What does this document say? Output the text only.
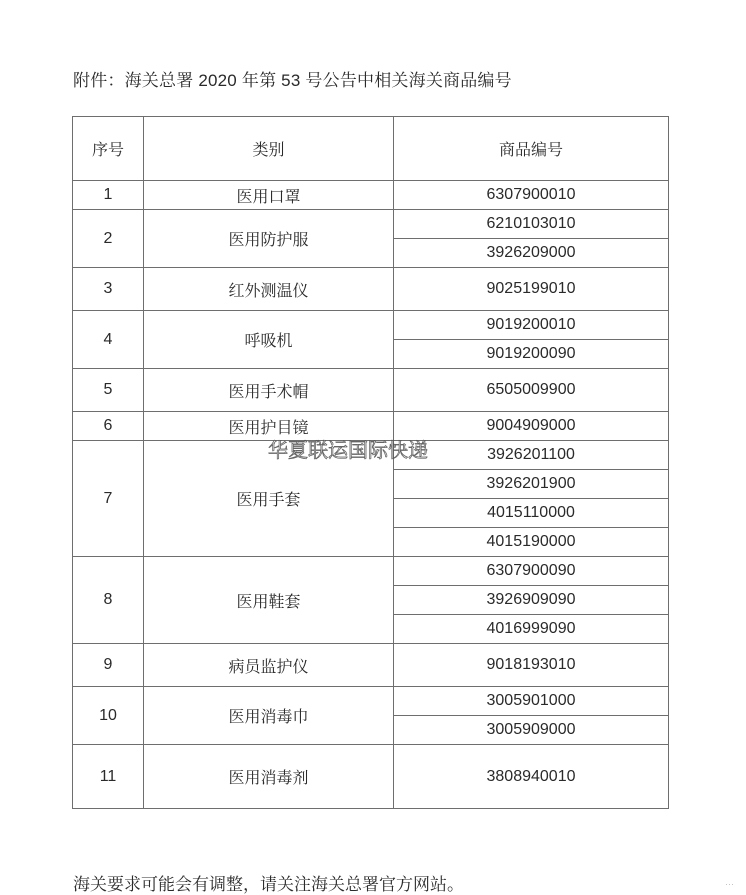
附件：海关总署 2020 年第 53 号公告中相关海关商品编号
序号	类别	商品编号
1	医用口罩	6307900010
2	医用防护服	6210103010
		3926209000
3	红外测温仪	9025199010
4	呼吸机	9019200010
		9019200090
5	医用手术帽	6505009900
6	医用护目镜	9004909000
7	医用手套	3926201100
		3926201900
		4015110000
		4015190000
8	医用鞋套	6307900090
		3926909090
		4016999090
9	病员监护仪	9018193010
10	医用消毒巾	3005901000
		3005909000
11	医用消毒剂	3808940010
华夏联运国际快递
海关要求可能会有调整，请关注海关总署官方网站。	···
